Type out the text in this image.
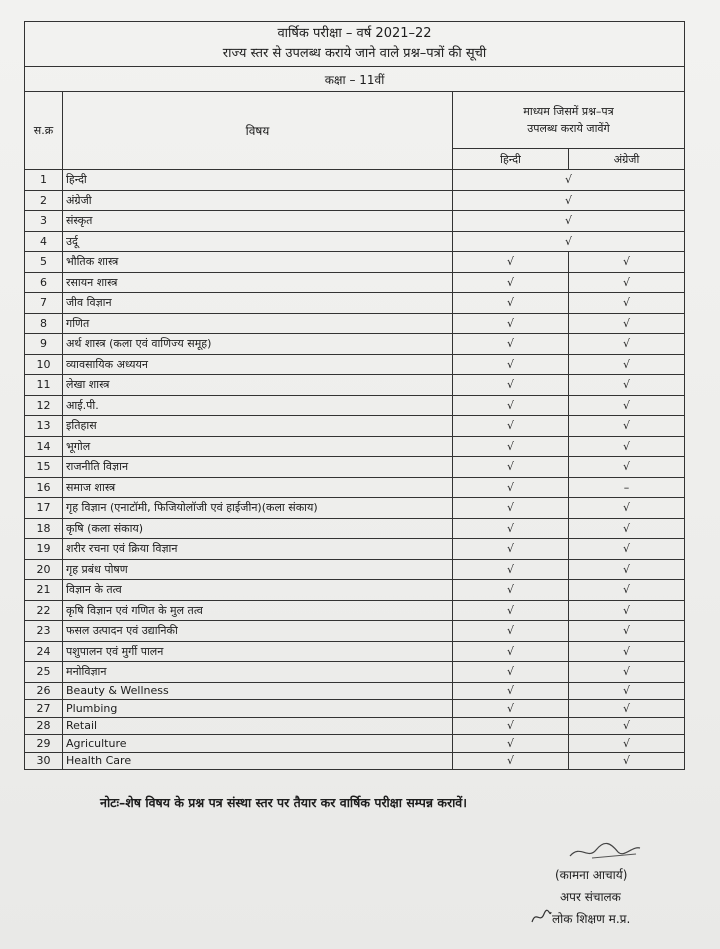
वार्षिक परीक्षा – वर्ष 2021–22
राज्य स्तर से उपलब्ध कराये जाने वाले प्रश्न–पत्रों की सूची			

कक्षा – 11वीं			
स.क्र	विषय	माध्यम जिसमें प्रश्न–पत्र
उपलब्ध कराये जावेंगे	

		हिन्दी	अंग्रेजी
1	हिन्दी	√	
2	अंग्रेजी	√	
3	संस्कृत	√	
4	उर्दू	√	
5	भौतिक शास्त्र	√	√
6	रसायन शास्त्र	√	√
7	जीव विज्ञान	√	√
8	गणित	√	√
9	अर्थ शास्त्र (कला एवं वाणिज्य समूह)	√	√
10	व्यावसायिक अध्ययन	√	√
11	लेखा शास्त्र	√	√
12	आई.पी.	√	√
13	इतिहास	√	√
14	भूगोल	√	√
15	राजनीति विज्ञान	√	√
16	समाज शास्त्र	√	–
17	गृह विज्ञान (एनाटॉमी, फिजियोलॉजी एवं हाईजीन)(कला संकाय)	√	√
18	कृषि (कला संकाय)	√	√
19	शरीर रचना एवं क्रिया विज्ञान	√	√
20	गृह प्रबंध पोषण	√	√
21	विज्ञान के तत्व	√	√
22	कृषि विज्ञान एवं गणित के मुल तत्व	√	√
23	फसल उत्पादन एवं उद्यानिकी	√	√
24	पशुपालन एवं मुर्गी पालन	√	√
25	मनोविज्ञान	√	√
26	Beauty & Wellness	√	√
27	Plumbing	√	√
28	Retail	√	√
29	Agriculture	√	√
30	Health Care	√	√
नोटः–शेष विषय के प्रश्न पत्र संस्था स्तर पर तैयार कर वार्षिक परीक्षा सम्पन्न करावें।
(कामना आचार्य)
अपर संचालक
लोक शिक्षण म.प्र.
